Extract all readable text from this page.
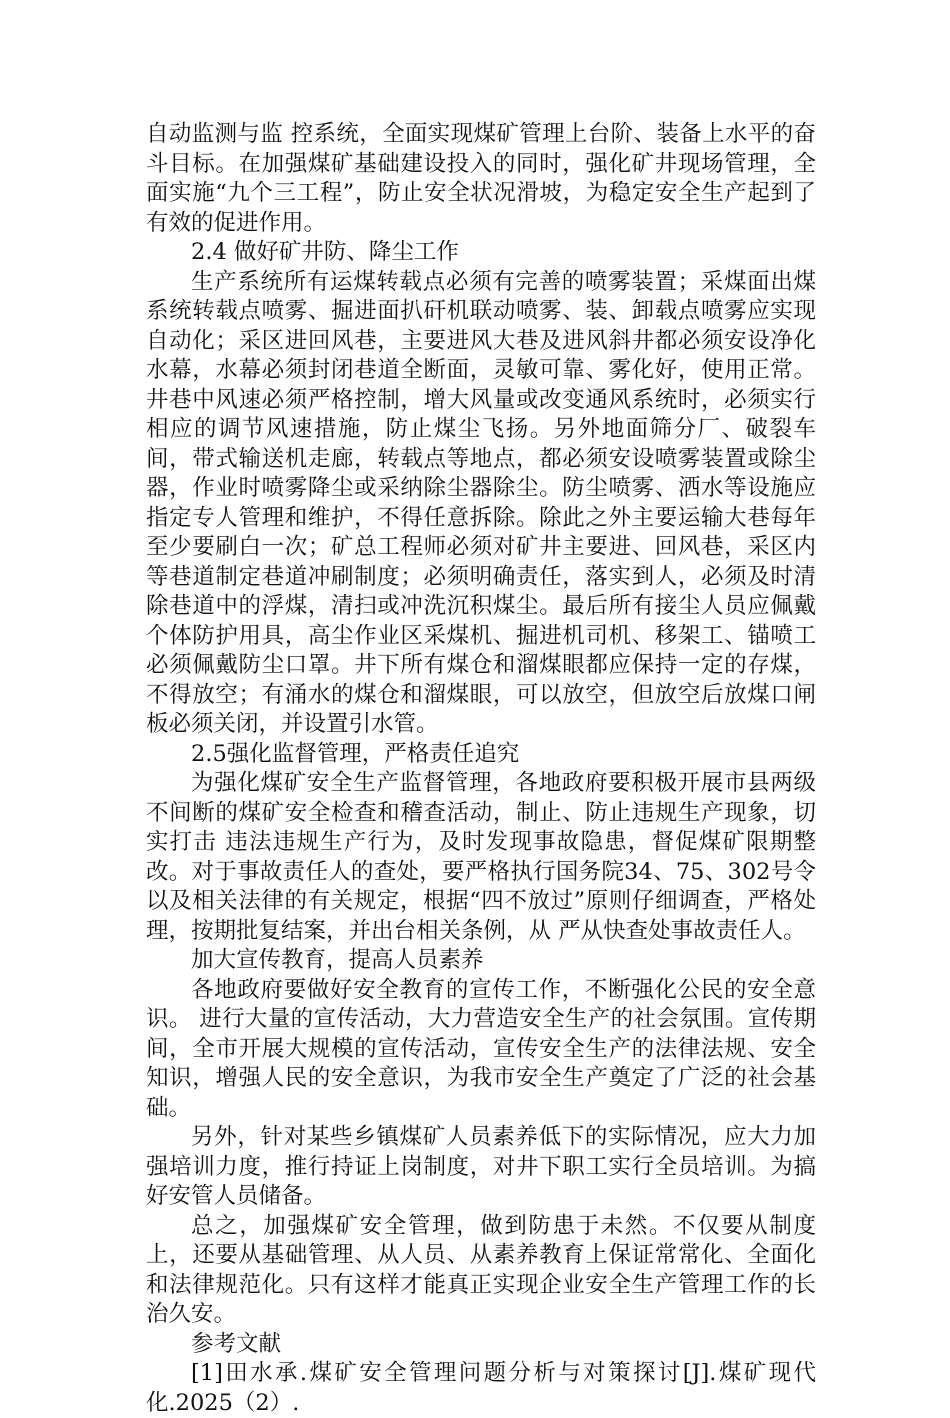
自动监测与监 控系统，全面实现煤矿管理上台阶、装备上水平的奋斗目标。在加强煤矿基础建设投入的同时，强化矿井现场管理，全面实施“九个三工程”，防止安全状况滑坡，为稳定安全生产起到了有效的促进作用。

2.4 做好矿井防、降尘工作

生产系统所有运煤转载点必须有完善的喷雾装置；采煤面出煤系统转载点喷雾、掘进面扒矸机联动喷雾、装、卸载点喷雾应实现自动化；采区进回风巷，主要进风大巷及进风斜井都必须安设净化水幕，水幕必须封闭巷道全断面，灵敏可靠、雾化好，使用正常。井巷中风速必须严格控制，增大风量或改变通风系统时，必须实行相应的调节风速措施，防止煤尘飞扬。另外地面筛分厂、破裂车间，带式输送机走廊，转载点等地点，都必须安设喷雾装置或除尘器，作业时喷雾降尘或采纳除尘器除尘。防尘喷雾、洒水等设施应指定专人管理和维护，不得任意拆除。除此之外主要运输大巷每年至少要刷白一次；矿总工程师必须对矿井主要进、回风巷，采区内等巷道制定巷道冲刷制度；必须明确责任，落实到人，必须及时清除巷道中的浮煤，清扫或冲洗沉积煤尘。最后所有接尘人员应佩戴个体防护用具，高尘作业区采煤机、掘进机司机、移架工、锚喷工必须佩戴防尘口罩。井下所有煤仓和溜煤眼都应保持一定的存煤，不得放空；有涌水的煤仓和溜煤眼，可以放空，但放空后放煤口闸板必须关闭，并设置引水管。

2.5强化监督管理，严格责任追究

为强化煤矿安全生产监督管理，各地政府要积极开展市县两级不间断的煤矿安全检查和稽查活动，制止、防止违规生产现象，切实打击 违法违规生产行为，及时发现事故隐患，督促煤矿限期整改。对于事故责任人的查处，要严格执行国务院34、75、302号令以及相关法律的有关规定，根据“四不放过”原则仔细调查，严格处理，按期批复结案，并出台相关条例，从 严从快查处事故责任人。

加大宣传教育，提高人员素养

各地政府要做好安全教育的宣传工作，不断强化公民的安全意识。 进行大量的宣传活动，大力营造安全生产的社会氛围。宣传期间，全市开展大规模的宣传活动，宣传安全生产的法律法规、安全知识，增强人民的安全意识，为我市安全生产奠定了广泛的社会基础。

另外，针对某些乡镇煤矿人员素养低下的实际情况，应大力加强培训力度，推行持证上岗制度，对井下职工实行全员培训。为搞好安管人员储备。

总之，加强煤矿安全管理，做到防患于未然。不仅要从制度上，还要从基础管理、从人员、从素养教育上保证常常化、全面化和法律规范化。只有这样才能真正实现企业安全生产管理工作的长治久安。

参考文献

[1]田水承.煤矿安全管理问题分析与对策探讨[J].煤矿现代化.2025（2）.
